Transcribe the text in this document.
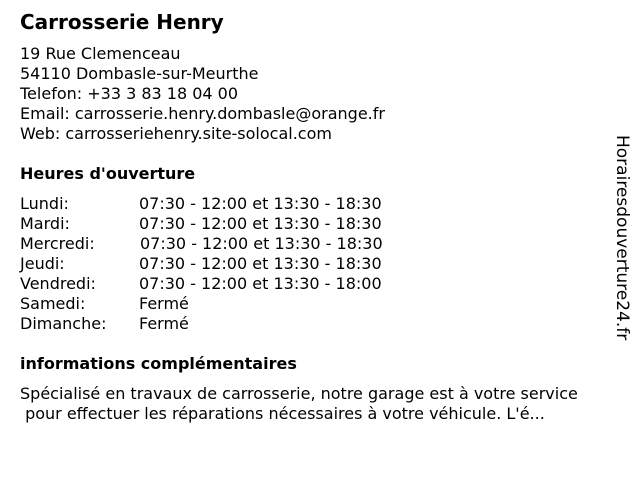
Carrosserie Henry
19 Rue Clemenceau
54110 Dombasle-sur-Meurthe
Telefon: +33 3 83 18 04 00
Email: carrosserie.henry.dombasle@orange.fr
Web: carrosseriehenry.site-solocal.com
Heures d'ouverture

Lundi:

	07:30 - 12:00 et 13:30 - 18:30

Mardi:

	07:30 - 12:00 et 13:30 - 18:30

Mercredi:

	07:30 - 12:00 et 13:30 - 18:30

Jeudi:

	07:30 - 12:00 et 13:30 - 18:30

Vendredi:

	07:30 - 12:00 et 13:30 - 18:00

Samedi:

	Fermé

Dimanche:

Fermé

informations complémentaires
Spécialisé en travaux de carrosserie, notre garage est à votre service
pour effectuer les réparations nécessaires à votre véhicule. L'é...
Horairesdouverture24.fr
